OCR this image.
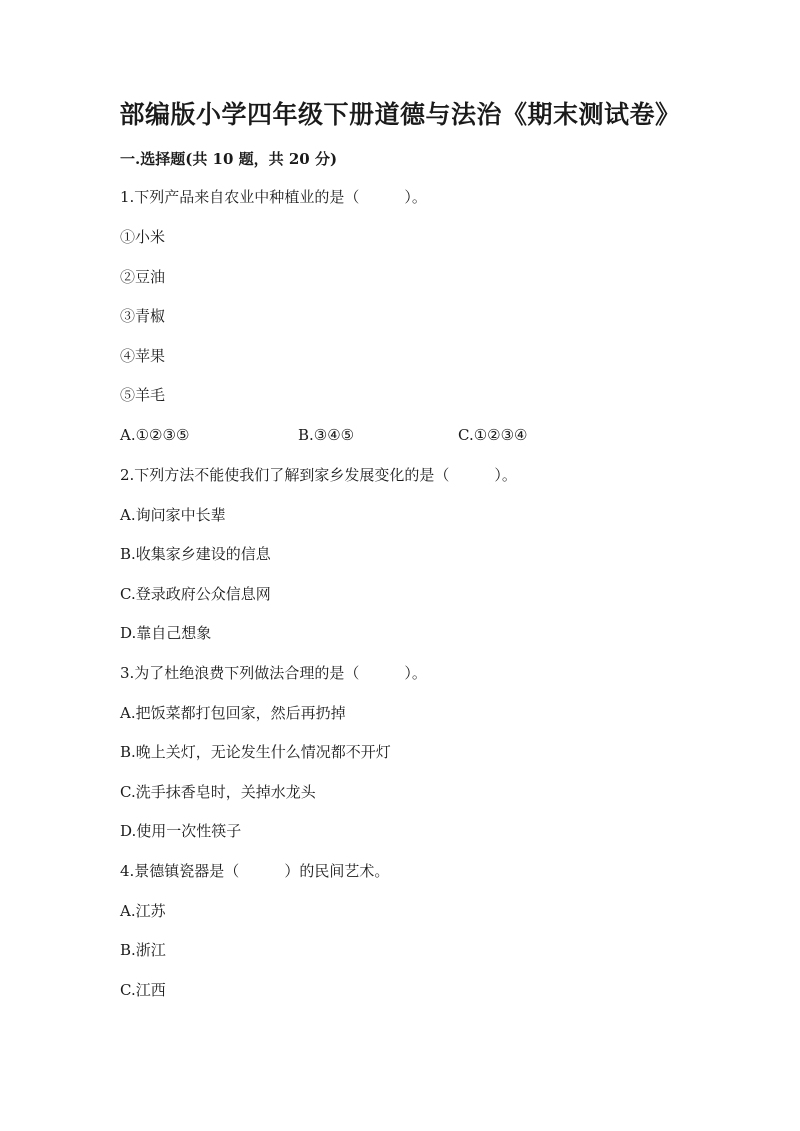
部编版小学四年级下册道德与法治《期末测试卷》
一.选择题(共 10 题，共 20 分)
1.下列产品来自农业中种植业的是（　　　）。
①小米
②豆油
③青椒
④苹果
⑤羊毛
A.①②③⑤	B.③④⑤	C.①②③④
2.下列方法不能使我们了解到家乡发展变化的是（　　　）。
A.询问家中长辈
B.收集家乡建设的信息
C.登录政府公众信息网
D.靠自己想象
3.为了杜绝浪费下列做法合理的是（　　　）。
A.把饭菜都打包回家，然后再扔掉
B.晚上关灯，无论发生什么情况都不开灯
C.洗手抹香皂时，关掉水龙头
D.使用一次性筷子
4.景德镇瓷器是（　　　）的民间艺术。
A.江苏
B.浙江
C.江西
